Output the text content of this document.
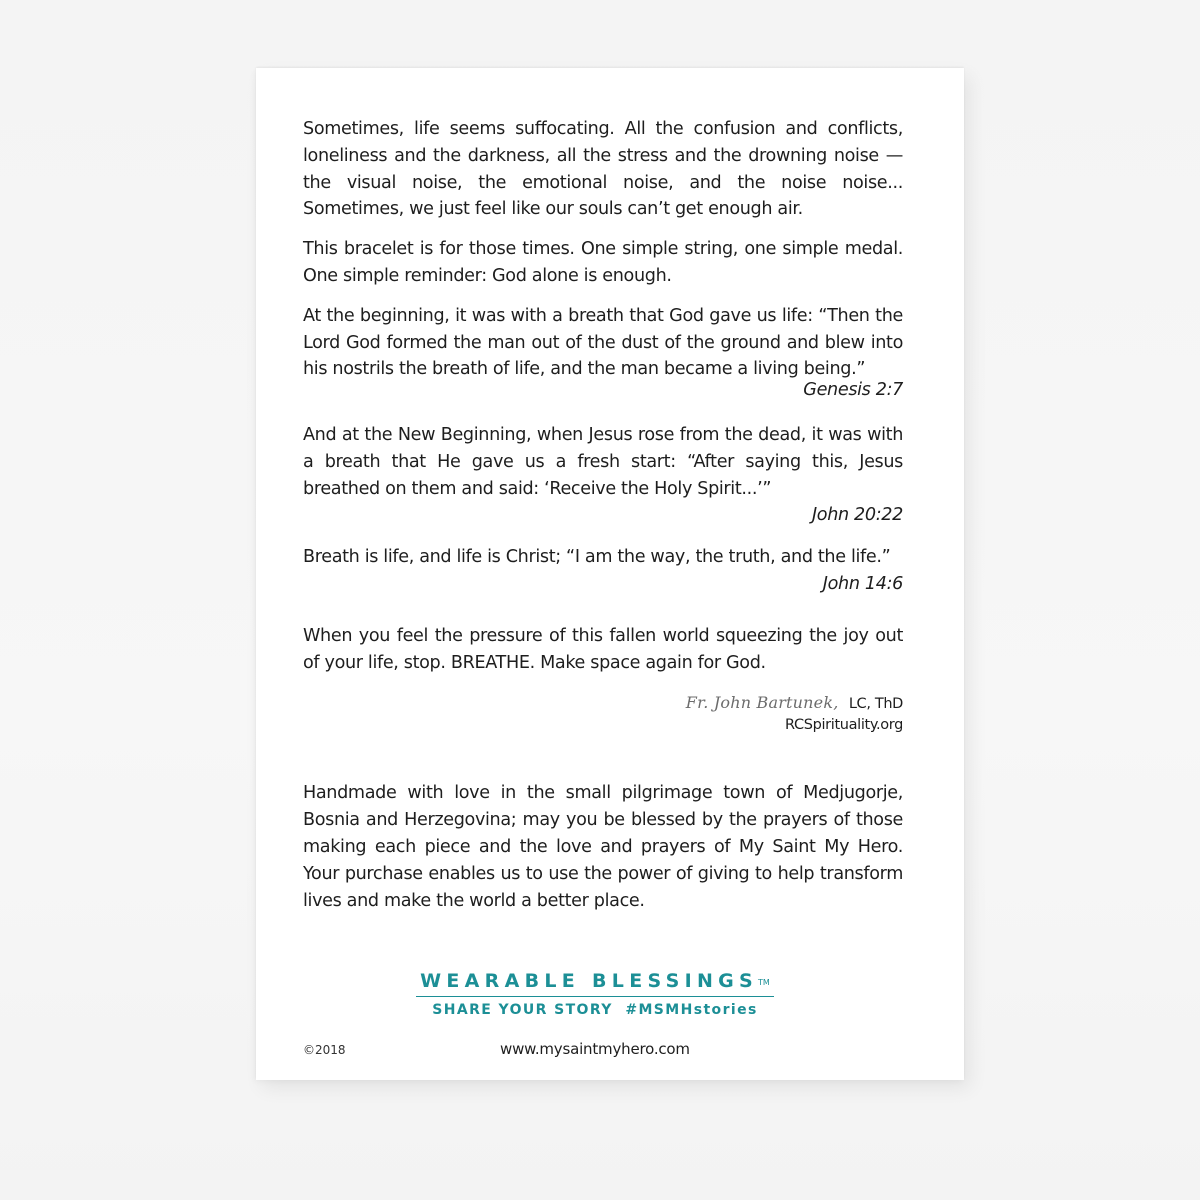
Sometimes, life seems suffocating. All the confusion and conflicts, loneliness and the darkness, all the stress and the drowning noise —the visual noise, the emotional noise, and the noise noise... Sometimes, we just feel like our souls can’t get enough air.

This bracelet is for those times. One simple string, one simple medal. One simple reminder: God alone is enough.

At the beginning, it was with a breath that God gave us life: “Then the Lord God formed the man out of the dust of the ground and blew into his nostrils the breath of life, and the man became a living being.”

Genesis 2:7

And at the New Beginning, when Jesus rose from the dead, it was with a breath that He gave us a fresh start: “After saying this, Jesus breathed on them and said: ‘Receive the Holy Spirit...’”

John 20:22

Breath is life, and life is Christ; “I am the way, the truth, and the life.”

John 14:6

When you feel the pressure of this fallen world squeezing the joy out of your life, stop. BREATHE. Make space again for God.

Fr. John Bartunek, LC, ThD
RCSpirituality.org

Handmade with love in the small pilgrimage town of Medjugorje, Bosnia and Herzegovina; may you be blessed by the prayers of those making each piece and the love and prayers of My Saint My Hero. Your purchase enables us to use the power of giving to help transform lives and make the world a better place.

WEARABLE BLESSINGS™
SHARE YOUR STORY  #MSMHstories
©2018	www.mysaintmyhero.com
